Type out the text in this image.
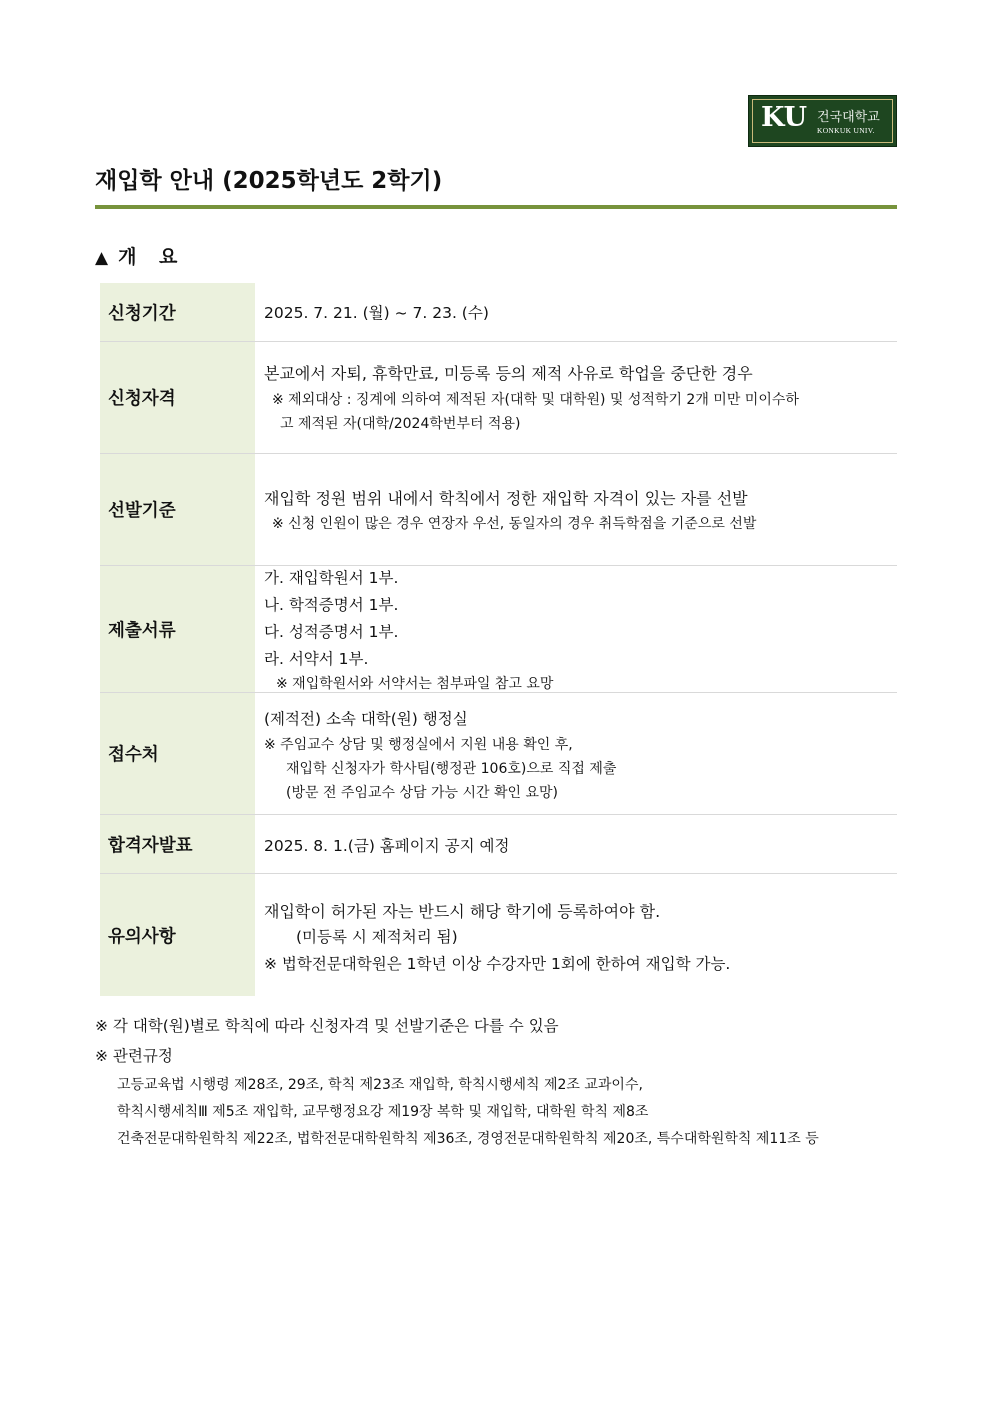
KU 건국대학교
KONKUK UNIV.
재입학 안내 (2025학년도 2학기)
▲ 개 요
신청기간	2025. 7. 21. (월) ~ 7. 23. (수)
신청자격
본교에서 자퇴, 휴학만료, 미등록 등의 제적 사유로 학업을 중단한 경우
※ 제외대상 : 징계에 의하여 제적된 자(대학 및 대학원) 및 성적학기 2개 미만 미이수하
고 제적된 자(대학/2024학번부터 적용)
선발기준
재입학 정원 범위 내에서 학칙에서 정한 재입학 자격이 있는 자를 선발
※ 신청 인원이 많은 경우 연장자 우선, 동일자의 경우 취득학점을 기준으로 선발
제출서류
가. 재입학원서 1부.
나. 학적증명서 1부.
다. 성적증명서 1부.
라. 서약서 1부.
※ 재입학원서와 서약서는 첨부파일 참고 요망
접수처
(제적전) 소속 대학(원) 행정실
※ 주임교수 상담 및 행정실에서 지원 내용 확인 후,
재입학 신청자가 학사팀(행정관 106호)으로 직접 제출
(방문 전 주임교수 상담 가능 시간 확인 요망)
합격자발표	2025. 8. 1.(금) 홈페이지 공지 예정
유의사항
재입학이 허가된 자는 반드시 해당 학기에 등록하여야 함.
(미등록 시 제적처리 됨)
※ 법학전문대학원은 1학년 이상 수강자만 1회에 한하여 재입학 가능.
※ 각 대학(원)별로 학칙에 따라 신청자격 및 선발기준은 다를 수 있음
※ 관련규정
고등교육법 시행령 제28조, 29조, 학칙 제23조 재입학, 학칙시행세칙 제2조 교과이수,
학칙시행세칙Ⅲ 제5조 재입학, 교무행정요강 제19장 복학 및 재입학, 대학원 학칙 제8조
건축전문대학원학칙 제22조, 법학전문대학원학칙 제36조, 경영전문대학원학칙 제20조, 특수대학원학칙 제11조 등
